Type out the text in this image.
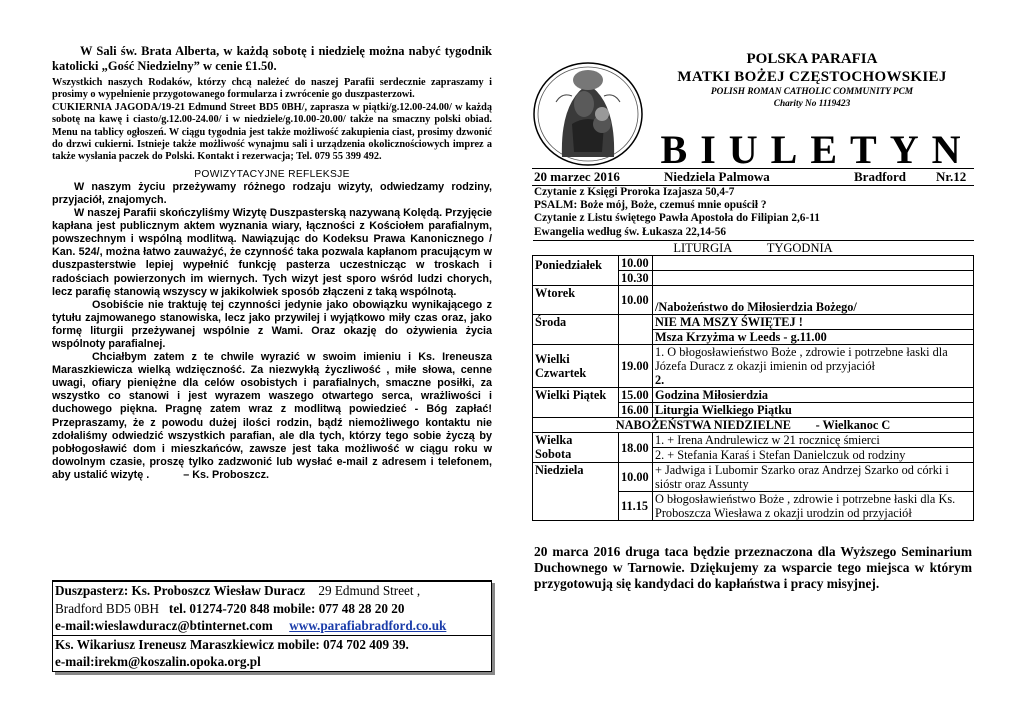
W Sali św. Brata Alberta, w każdą sobotę i niedzielę można nabyć tygodnik katolicki „Gość Niedzielny” w cenie £1.50.

Wszystkich naszych Rodaków, którzy chcą należeć do naszej Parafii serdecznie zapraszamy i prosimy o wypełnienie przygotowanego formularza i zwrócenie go duszpasterzowi.

CUKIERNIA JAGODA/19-21 Edmund Street BD5 0BH/, zaprasza w piątki/g.12.00-24.00/ w każdą sobotę na kawę i ciasto/g.12.00-24.00/ i w niedziele/g.10.00-20.00/ także na smaczny polski obiad. Menu na tablicy ogłoszeń. W ciągu tygodnia jest także możliwość zakupienia ciast, prosimy dzwonić do drzwi cukierni. Istnieje także możliwość wynajmu sali i urządzenia okolicznościowych imprez a także wysłania paczek do Polski. Kontakt i rezerwacja; Tel. 079 55 399 492.

POWIZYTACYJNE REFLEKSJE

W naszym życiu przeżywamy różnego rodzaju wizyty, odwiedzamy rodziny, przyjaciół, znajomych.

W naszej Parafii skończyliśmy Wizytę Duszpasterską nazywaną Kolędą. Przyjęcie kapłana jest publicznym aktem wyznania wiary, łączności z Kościołem parafialnym, powszechnym i wspólną modlitwą. Nawiązując do Kodeksu Prawa Kanonicznego / Kan. 524/, można łatwo zauważyć, że czynność taka pozwala kapłanom pracującym w duszpasterstwie lepiej wypełnić funkcję pasterza uczestnicząc w troskach i radościach powierzonych im wiernych. Tych wizyt jest sporo wśród ludzi chorych, lecz parafię stanowią wszyscy w jakikolwiek sposób złączeni z taką wspólnotą.

Osobiście nie traktuję tej czynności jedynie jako obowiązku wynikającego z tytułu zajmowanego stanowiska, lecz jako przywilej i wyjątkowo miły czas oraz, jako formę liturgii przeżywanej wspólnie z Wami. Oraz okazję do ożywienia życia wspólnoty parafialnej.

Chciałbym zatem z te chwile wyrazić w swoim imieniu i Ks. Ireneusza Maraszkiewicza wielką wdzięczność. Za niezwykłą życzliwość , miłe słowa, cenne uwagi, ofiary pieniężne dla celów osobistych i parafialnych, smaczne posiłki, za wszystko co stanowi i jest wyrazem waszego otwartego serca, wrażliwości i duchowego piękna. Pragnę zatem wraz z modlitwą powiedzieć - Bóg zapłać! Przepraszamy, że z powodu dużej ilości rodzin, bądź niemożliwego kontaktu nie zdołaliśmy odwiedzić wszystkich parafian, ale dla tych, którzy tego sobie życzą by pobłogosławić dom i mieszkańców, zawsze jest taka możliwość w ciągu roku w dowolnym czasie, proszę tylko zadzwonić lub wysłać e-mail z adresem i telefonem, aby ustalić wizytę .	– Ks. Proboszcz.

Duszpasterz: Ks. Proboszcz Wiesław Duracz 29 Edmund Street ,
Bradford BD5 0BH tel. 01274-720 848 mobile: 077 48 28 20 20
e-mail:wieslawduracz@btinternet.com www.parafiabradford.co.uk
Ks. Wikariusz Ireneusz Maraszkiewicz mobile: 074 702 409 39.
e-mail:irekm@koszalin.opoka.org.pl
POLSKA PARAFIA
MATKI BOŻEJ CZĘSTOCHOWSKIEJ
POLISH ROMAN CATHOLIC COMMUNITY PCM
Charity No 1119423
BIULETYN
20 marzec 2016	Niedziela Palmowa	Bradford Nr.12
Czytanie z Księgi Proroka Izajasza 50,4-7
PSALM: Boże mój, Boże, czemuś mnie opuścił ?
Czytanie z Listu świętego Pawła Apostoła do Filipian 2,6-11
Ewangelia według św. Łukasza 22,14-56
LITURGIA TYGODNIA		
Poniedziałek	10.00	
	10.30	
Wtorek	10.00	/Nabożeństwo do Miłosierdzia Bożego/
Środa		NIE MA MSZY ŚWIĘTEJ !
		Msza Krzyżma w Leeds - g.11.00
Wielki
Czwartek	19.00	1. O błogosławieństwo Boże , zdrowie i potrzebne łaski dla Józefa Duracz z okazji imienin od przyjaciół
2.
Wielki Piątek	15.00	Godzina Miłosierdzia
	16.00	Liturgia Wielkiego Piątku
NABOŻEŃSTWA NIEDZIELNE - Wielkanoc C		
Wielka
Sobota	18.00	1. + Irena Andrulewicz w 21 rocznicę śmierci
		2. + Stefania Karaś i Stefan Danielczuk od rodziny
Niedziela	10.00	+ Jadwiga i Lubomir Szarko oraz Andrzej Szarko od córki i sióstr oraz Assunty
	11.15	O błogosławieństwo Boże , zdrowie i potrzebne łaski dla Ks. Proboszcza Wiesława z okazji urodzin od przyjaciół

20 marca 2016 druga taca będzie przeznaczona dla Wyższego Seminarium Duchownego w Tarnowie. Dziękujemy za wsparcie tego miejsca w którym przygotowują się kandydaci do kapłaństwa i pracy misyjnej.
